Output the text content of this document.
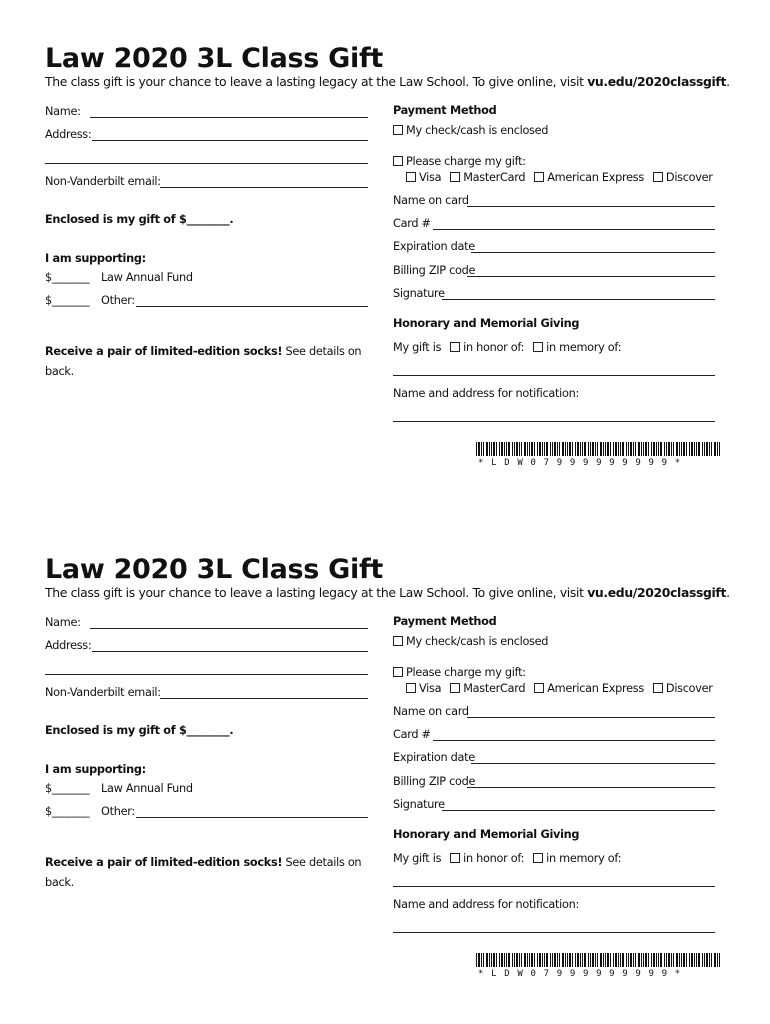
Law 2020 3L Class Gift
The class gift is your chance to leave a lasting legacy at the Law School. To give online, visit vu.edu/2020classgift.
Name:
Address:
Non-Vanderbilt email:
Enclosed is my gift of $________.
I am supporting:
$_______ Law Annual Fund
$_______ Other:
Receive a pair of limited-edition socks! See details on
back.
Payment Method
My check/cash is enclosed
Please charge my gift:
Visa MasterCard American Express Discover
Name on card
Card #
Expiration date
Billing ZIP code
Signature
Honorary and Memorial Giving
My gift is in honor of: in memory of:
Name and address for notification:
*LDW07999999999*
Law 2020 3L Class Gift
The class gift is your chance to leave a lasting legacy at the Law School. To give online, visit vu.edu/2020classgift.
Name:
Address:
Non-Vanderbilt email:
Enclosed is my gift of $________.
I am supporting:
$_______ Law Annual Fund
$_______ Other:
Receive a pair of limited-edition socks! See details on
back.
Payment Method
My check/cash is enclosed
Please charge my gift:
Visa MasterCard American Express Discover
Name on card
Card #
Expiration date
Billing ZIP code
Signature
Honorary and Memorial Giving
My gift is in honor of: in memory of:
Name and address for notification:
*LDW07999999999*
